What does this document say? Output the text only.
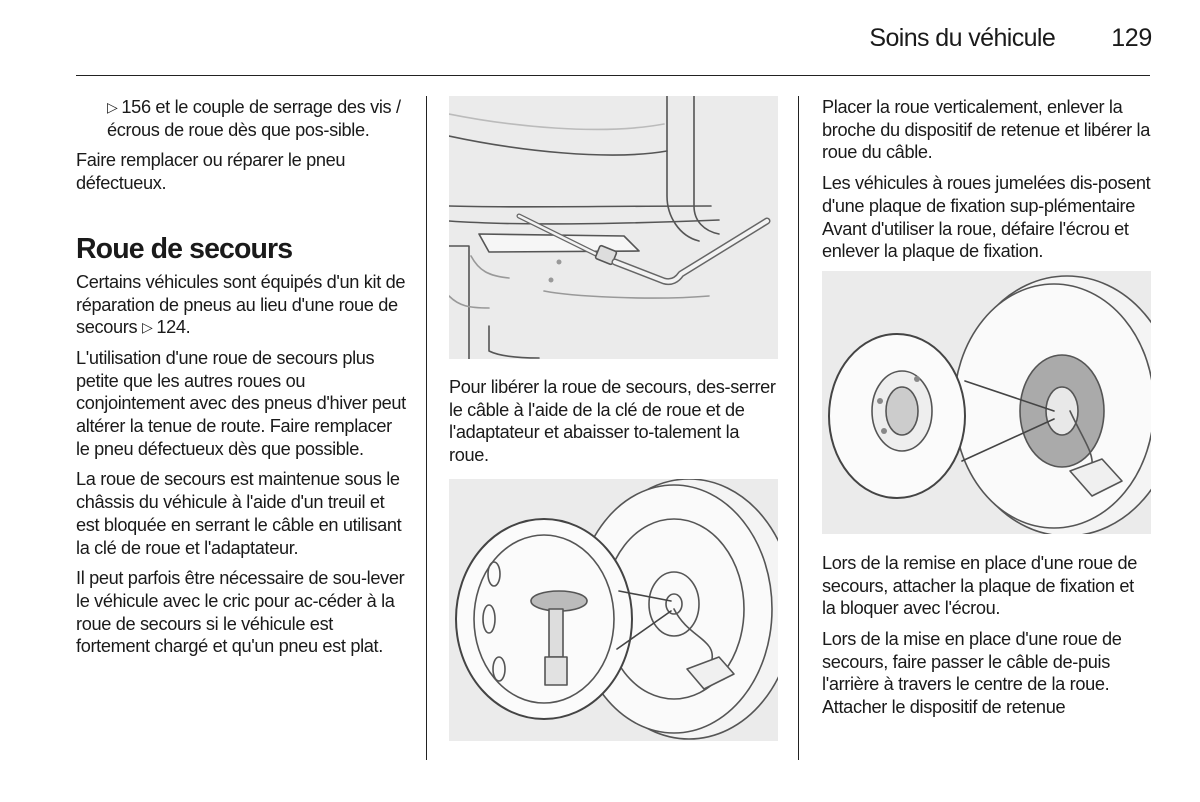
Soins du véhicule 129

▷ 156 et le couple de serrage des vis / écrous de roue dès que pos-sible.

Faire remplacer ou réparer le pneu défectueux.

Roue de secours

Certains véhicules sont équipés d'un kit de réparation de pneus au lieu d'une roue de secours ▷ 124.

L'utilisation d'une roue de secours plus petite que les autres roues ou conjointement avec des pneus d'hiver peut altérer la tenue de route. Faire remplacer le pneu défectueux dès que possible.

La roue de secours est maintenue sous le châssis du véhicule à l'aide d'un treuil et est bloquée en serrant le câble en utilisant la clé de roue et l'adaptateur.

Il peut parfois être nécessaire de sou-lever le véhicule avec le cric pour ac-céder à la roue de secours si le véhicule est fortement chargé et qu'un pneu est plat.

Pour libérer la roue de secours, des-serrer le câble à l'aide de la clé de roue et de l'adaptateur et abaisser to-talement la roue.

Placer la roue verticalement, enlever la broche du dispositif de retenue et libérer la roue du câble.

Les véhicules à roues jumelées dis-posent d'une plaque de fixation sup-plémentaire Avant d'utiliser la roue, défaire l'écrou et enlever la plaque de fixation.

Lors de la remise en place d'une roue de secours, attacher la plaque de fixation et la bloquer avec l'écrou.

Lors de la mise en place d'une roue de secours, faire passer le câble de-puis l'arrière à travers le centre de la roue. Attacher le dispositif de retenue
